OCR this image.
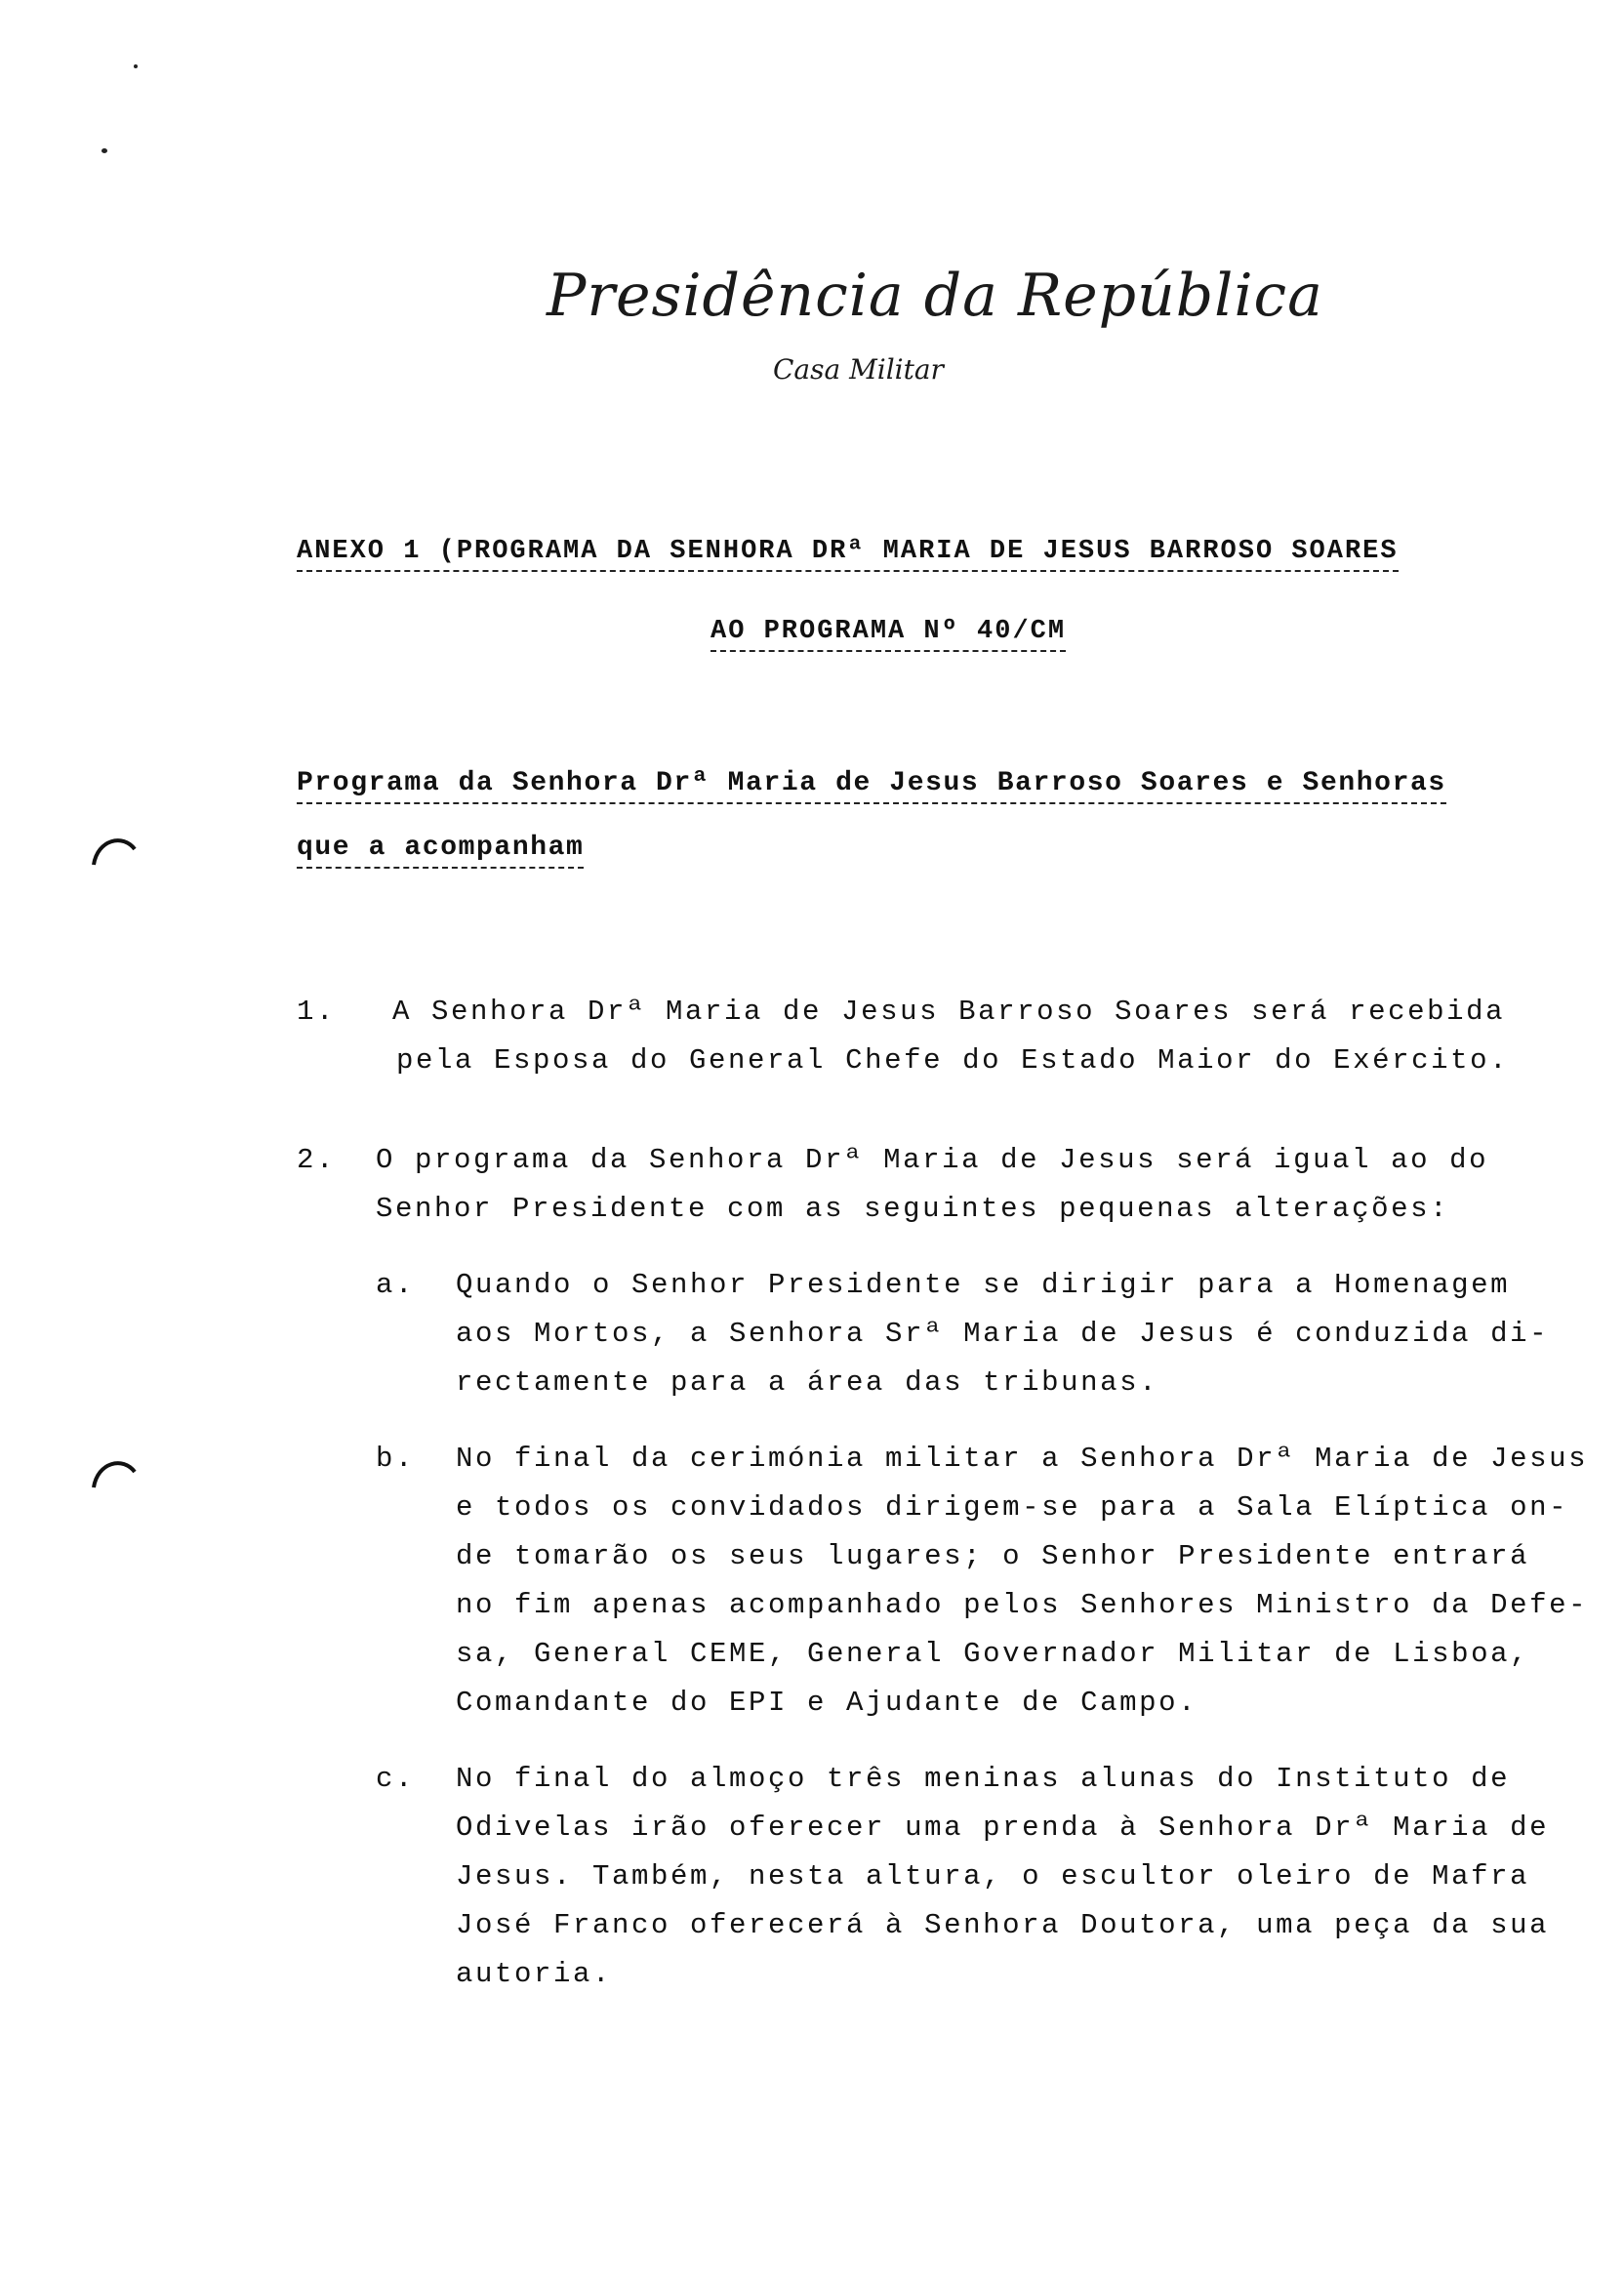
Presidência da República
Casa Militar
ANEXO 1 (PROGRAMA DA SENHORA DRª MARIA DE JESUS BARROSO SOARES
AO PROGRAMA Nº 40/CM
Programa da Senhora Drª Maria de Jesus Barroso Soares e Senhoras
que a acompanham
1. A Senhora Drª Maria de Jesus Barroso Soares será recebida
pela Esposa do General Chefe do Estado Maior do Exército.
2. O programa da Senhora Drª Maria de Jesus será igual ao do
Senhor Presidente com as seguintes pequenas alterações:
a. Quando o Senhor Presidente se dirigir para a Homenagem
aos Mortos, a Senhora Srª Maria de Jesus é conduzida di-
rectamente para a área das tribunas.
b. No final da cerimónia militar a Senhora Drª Maria de Jesus
e todos os convidados dirigem-se para a Sala Elíptica on-
de tomarão os seus lugares; o Senhor Presidente entrará
no fim apenas acompanhado pelos Senhores Ministro da Defe-
sa, General CEME, General Governador Militar de Lisboa,
Comandante do EPI e Ajudante de Campo.
c. No final do almoço três meninas alunas do Instituto de
Odivelas irão oferecer uma prenda à Senhora Drª Maria de
Jesus. Também, nesta altura, o escultor oleiro de Mafra
José Franco oferecerá à Senhora Doutora, uma peça da sua
autoria.
